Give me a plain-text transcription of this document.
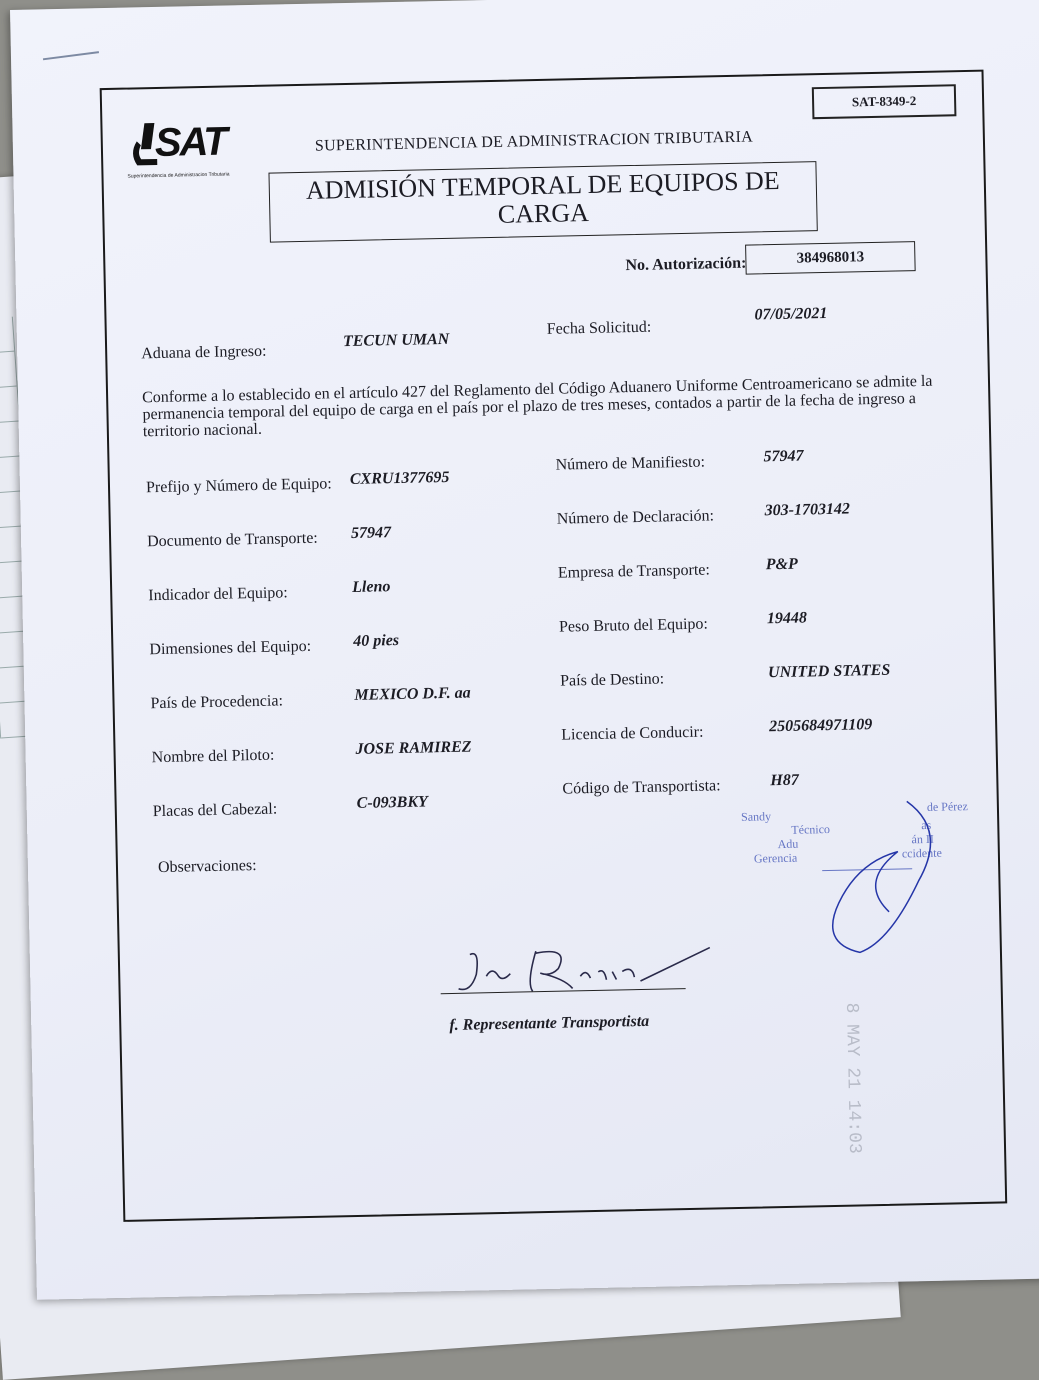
SAT-8349-2
SAT
Superintendencia de Administracion Tributaria
SUPERINTENDENCIA DE ADMINISTRACION TRIBUTARIA
ADMISIÓN TEMPORAL DE EQUIPOS DE
CARGA
No. Autorización:	384968013
Aduana de Ingreso:
TECUN UMAN
Fecha Solicitud:
07/05/2021
Conforme a lo establecido en el artículo 427 del Reglamento del Código Aduanero Uniforme Centroamericano se admite la permanencia temporal del equipo de carga en el país por el plazo de tres meses, contados a partir de la fecha de ingreso a territorio nacional.
Prefijo y Número de Equipo: CXRU1377695
Documento de Transporte: 57947
Indicador del Equipo:	Lleno
Dimensiones del Equipo:	40 pies
País de Procedencia:	MEXICO D.F. aa
Nombre del Piloto:	JOSE RAMIREZ
Placas del Cabezal:	C-093BKY
Número de Manifiesto:	57947
Número de Declaración:	303-1703142
Empresa de Transporte:	P&P
Peso Bruto del Equipo:	19448
País de Destino:	UNITED STATES
Licencia de Conducir:	2505684971109
Código de Transportista:	H87
Observaciones:
José Ramírez
f. Representante Transportista
Sandy
de Pérez
Técnico	as
Adu	án II
Gerencia	ccidente
8 MAY 21 14:03
